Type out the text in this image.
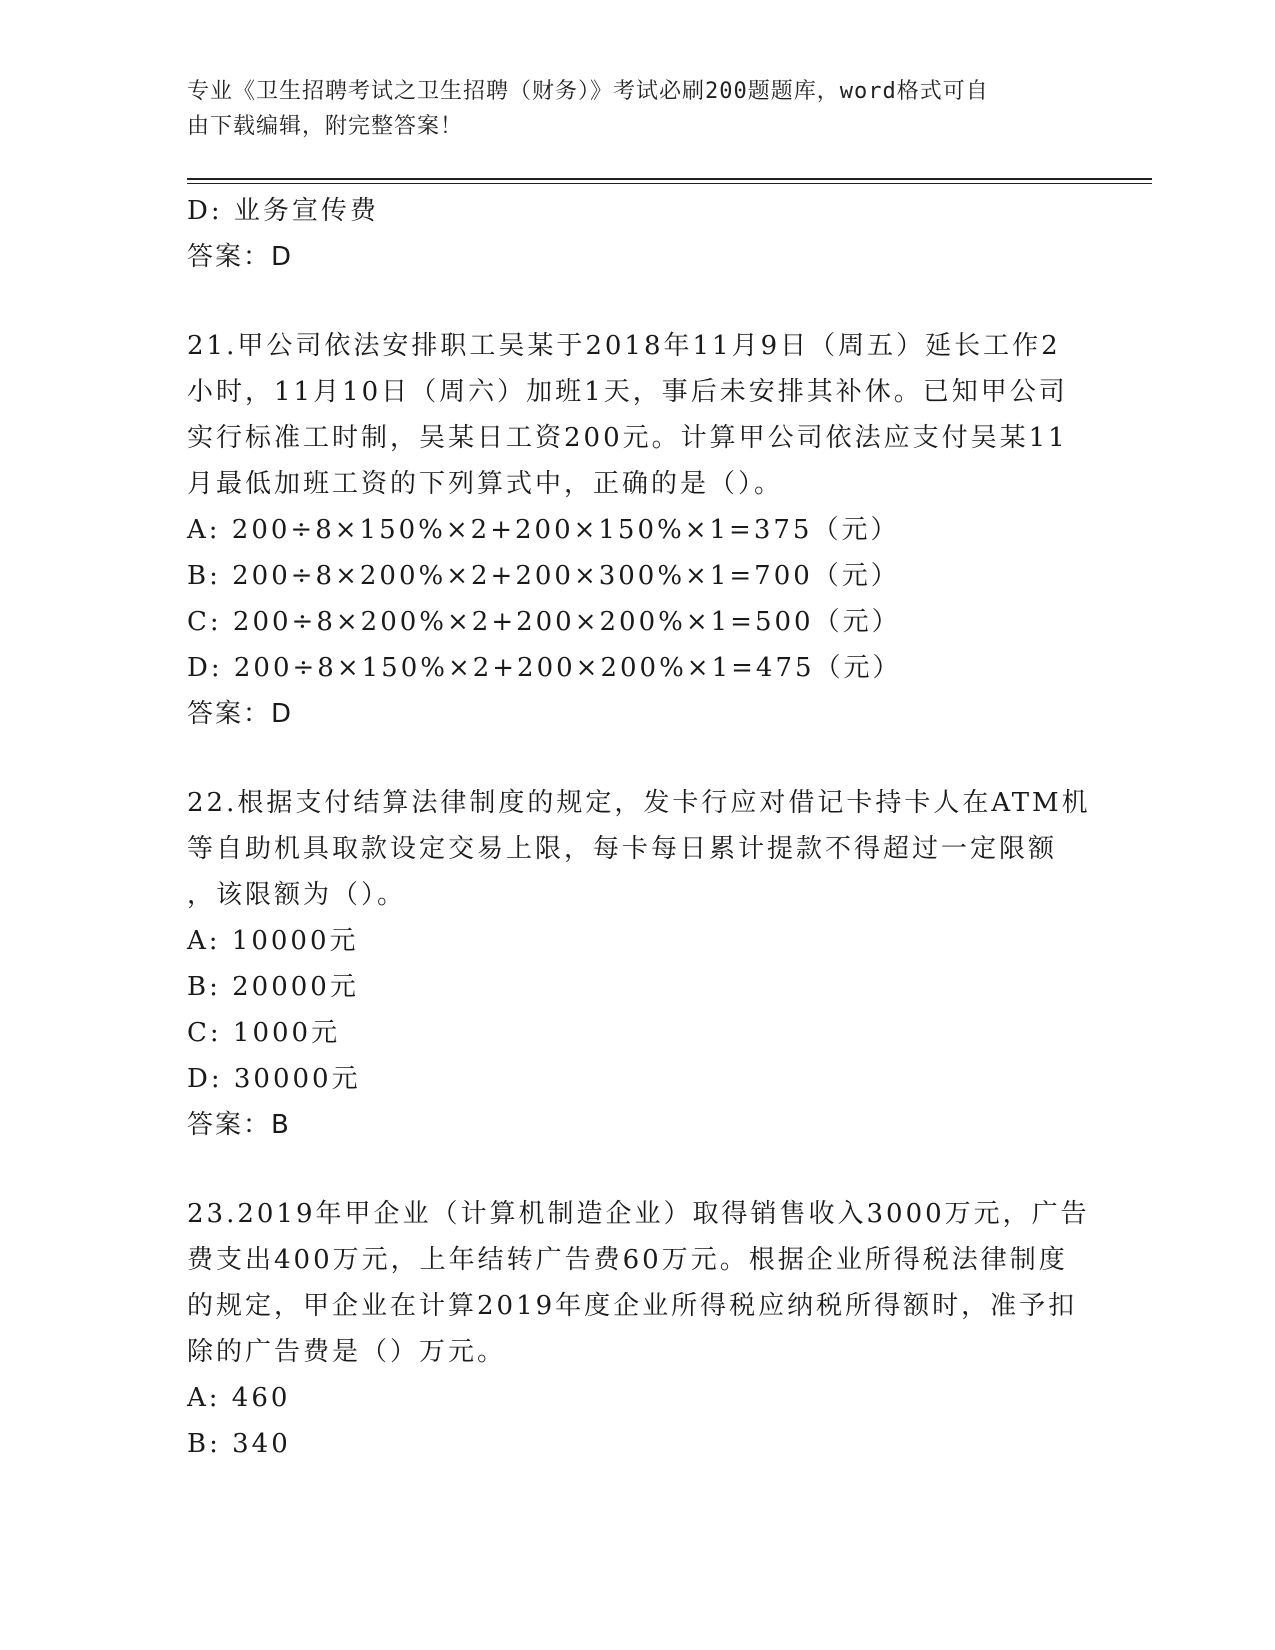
专业《卫生招聘考试之卫生招聘（财务）》考试必刷200题题库，word格式可自
由下载编辑，附完整答案！
D: 业务宣传费
答案：D
21.甲公司依法安排职工吴某于2018年11月9日（周五）延长工作2
小时，11月10日（周六）加班1天，事后未安排其补休。已知甲公司
实行标准工时制，吴某日工资200元。计算甲公司依法应支付吴某11
月最低加班工资的下列算式中，正确的是（）。
A: 200÷8×150%×2+200×150%×1=375（元）
B: 200÷8×200%×2+200×300%×1=700（元）
C: 200÷8×200%×2+200×200%×1=500（元）
D: 200÷8×150%×2+200×200%×1=475（元）
答案：D
22.根据支付结算法律制度的规定，发卡行应对借记卡持卡人在ATM机
等自助机具取款设定交易上限，每卡每日累计提款不得超过一定限额
，该限额为（）。
A: 10000元
B: 20000元
C: 1000元
D: 30000元
答案：B
23.2019年甲企业（计算机制造企业）取得销售收入3000万元，广告
费支出400万元，上年结转广告费60万元。根据企业所得税法律制度
的规定，甲企业在计算2019年度企业所得税应纳税所得额时，准予扣
除的广告费是（）万元。
A: 460
B: 340
